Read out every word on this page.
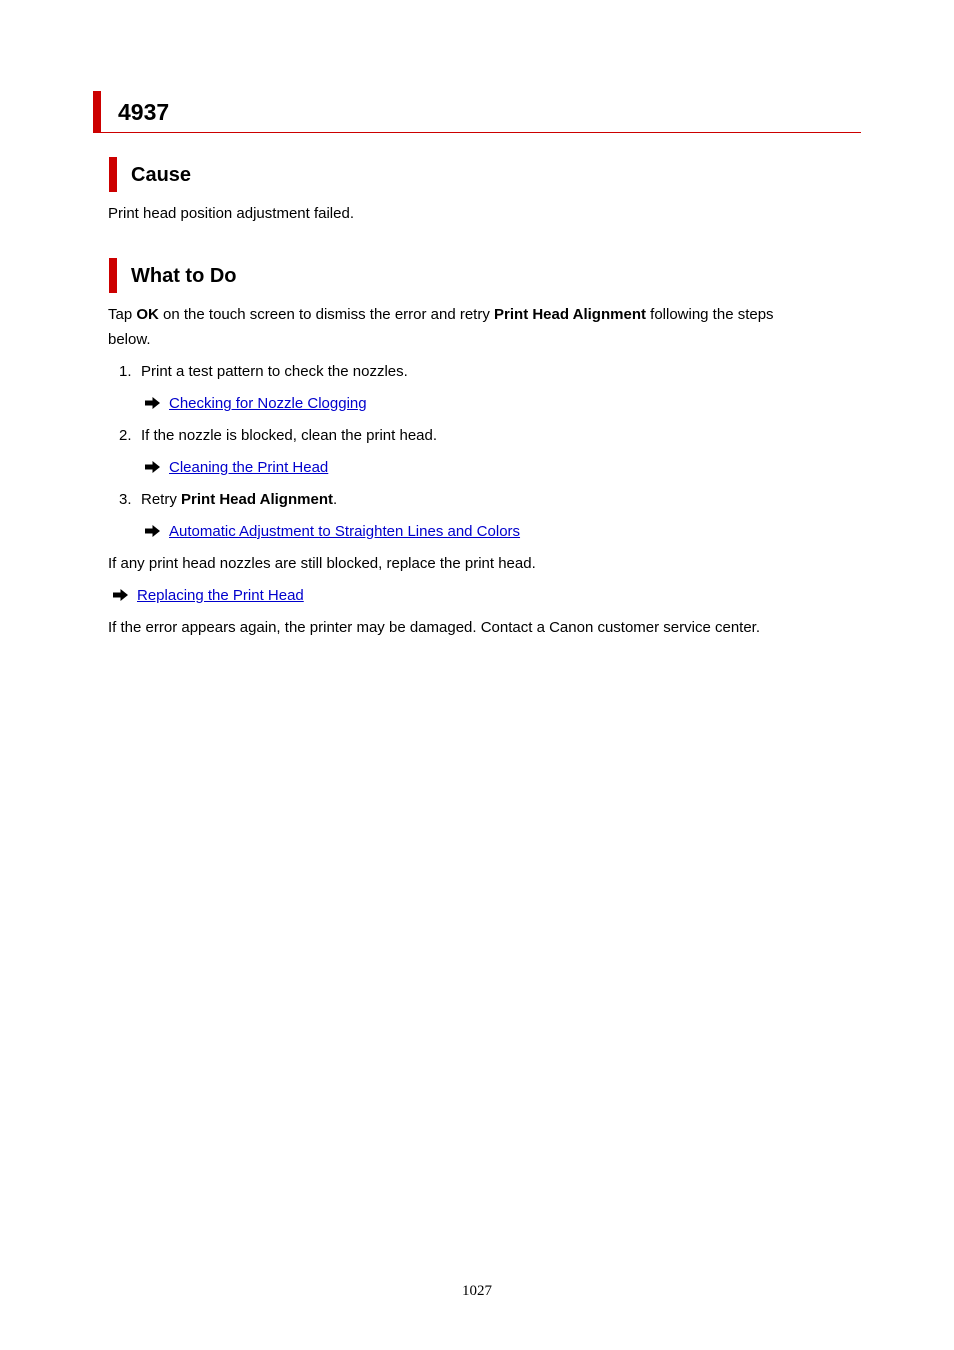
4937
Cause
Print head position adjustment failed.
What to Do
Tap OK on the touch screen to dismiss the error and retry Print Head Alignment following the steps
below.
1. Print a test pattern to check the nozzles.
Checking for Nozzle Clogging
2. If the nozzle is blocked, clean the print head.
Cleaning the Print Head
3. Retry Print Head Alignment.
Automatic Adjustment to Straighten Lines and Colors
If any print head nozzles are still blocked, replace the print head.
Replacing the Print Head
If the error appears again, the printer may be damaged. Contact a Canon customer service center.
1027
